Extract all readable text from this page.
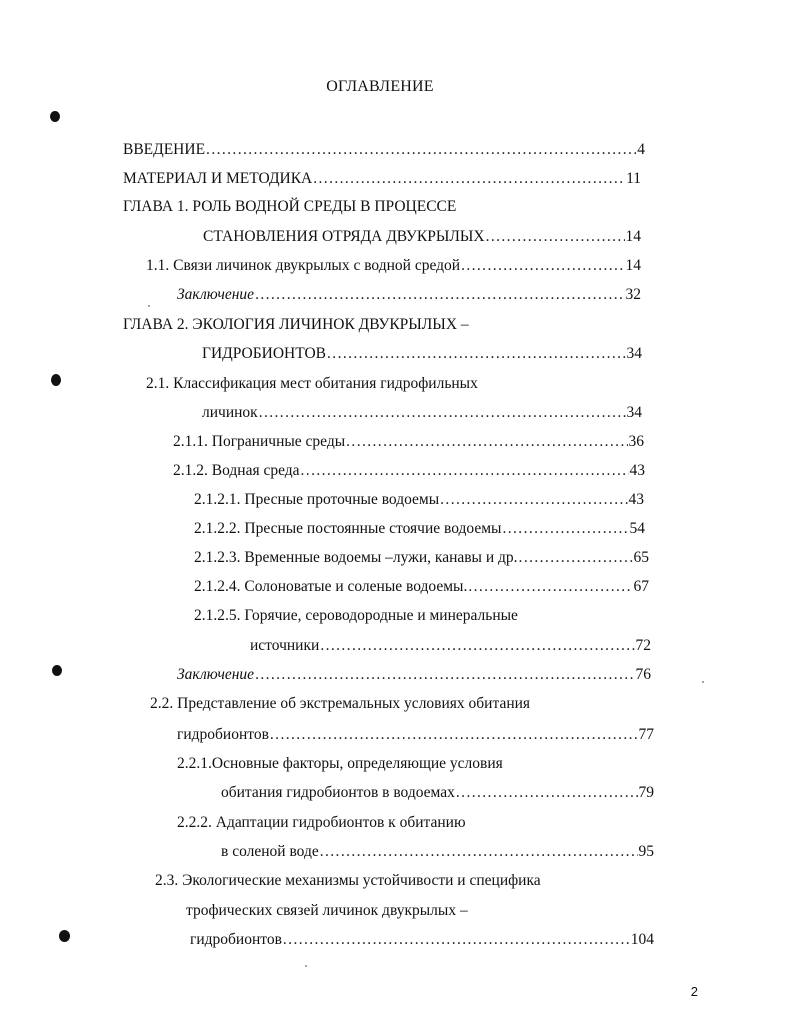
ОГЛАВЛЕНИЕ
ВВЕДЕНИЕ .....	4
МАТЕРИАЛ И МЕТОДИКА .....	11
ГЛАВА 1. РОЛЬ ВОДНОЙ СРЕДЫ В ПРОЦЕССЕ
СТАНОВЛЕНИЯ ОТРЯДА ДВУКРЫЛЫХ .....	14
1.1. Связи личинок двукрылых с водной средой .....	14
Заключение .....	32
ГЛАВА 2. ЭКОЛОГИЯ ЛИЧИНОК ДВУКРЫЛЫХ –
ГИДРОБИОНТОВ .....	34
2.1. Классификация мест обитания гидрофильных
личинок .....	34
2.1.1. Пограничные среды .....	36
2.1.2. Водная среда .....	43
2.1.2.1. Пресные проточные водоемы .....	43
2.1.2.2. Пресные постоянные стоячие водоемы .....	54
2.1.2.3. Временные водоемы –лужи, канавы и др. .....	65
2.1.2.4. Солоноватые и соленые водоемы. .....	67
2.1.2.5. Горячие, сероводородные и минеральные
источники .....	72
Заключение .....	76
2.2. Представление об экстремальных условиях обитания
гидробионтов .....	77
2.2.1.Основные факторы, определяющие условия
обитания гидробионтов в водоемах .....	79
2.2.2. Адаптации гидробионтов к обитанию
в соленой воде .....	95
2.3. Экологические механизмы устойчивости и специфика
трофических связей личинок двукрылых –
гидробионтов .....	104
2
